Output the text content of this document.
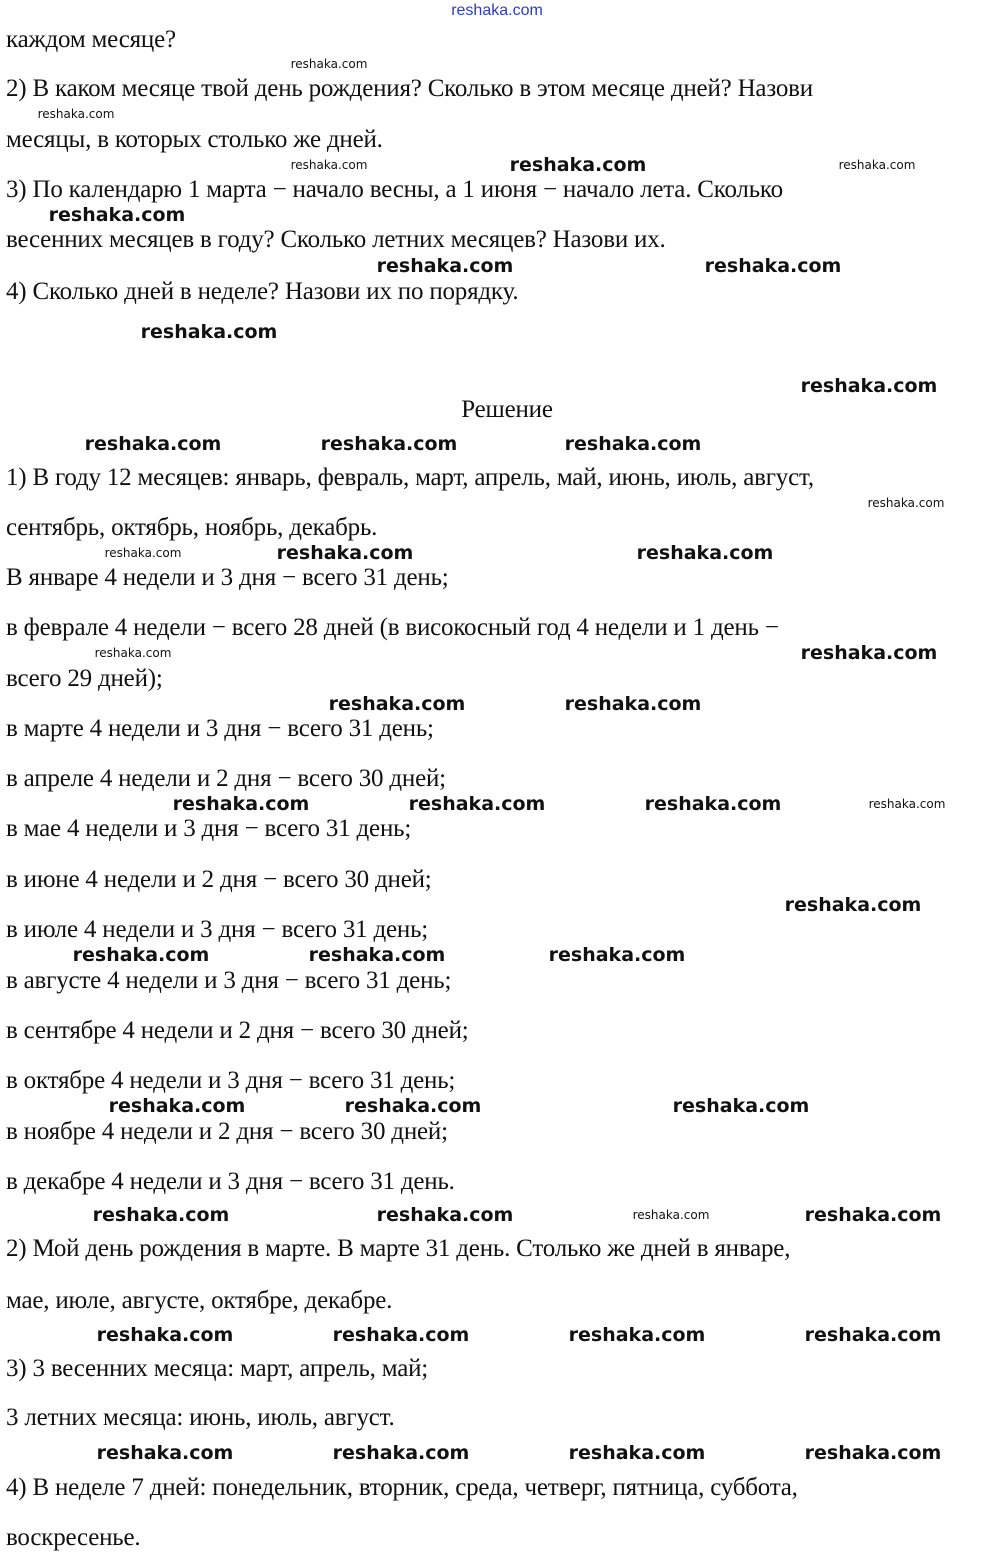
reshaka.com
каждом месяце?
2) В каком месяце твой день рождения? Сколько в этом месяце дней? Назови
месяцы, в которых столько же дней.
3) По календарю 1 марта − начало весны, а 1 июня − начало лета. Сколько
весенних месяцев в году? Сколько летних месяцев? Назови их.
4) Сколько дней в неделе? Назови их по порядку.
1) В году 12 месяцев: январь, февраль, март, апрель, май, июнь, июль, август,
сентябрь, октябрь, ноябрь, декабрь.
В январе 4 недели и 3 дня − всего 31 день;
в феврале 4 недели − всего 28 дней (в високосный год 4 недели и 1 день −
всего 29 дней);
в марте 4 недели и 3 дня − всего 31 день;
в апреле 4 недели и 2 дня − всего 30 дней;
в мае 4 недели и 3 дня − всего 31 день;
в июне 4 недели и 2 дня − всего 30 дней;
в июле 4 недели и 3 дня − всего 31 день;
в августе 4 недели и 3 дня − всего 31 день;
в сентябре 4 недели и 2 дня − всего 30 дней;
в октябре 4 недели и 3 дня − всего 31 день;
в ноябре 4 недели и 2 дня − всего 30 дней;
в декабре 4 недели и 3 дня − всего 31 день.
2) Мой день рождения в марте. В марте 31 день. Столько же дней в январе,
мае, июле, августе, октябре, декабре.
3) 3 весенних месяца: март, апрель, май;
3 летних месяца: июнь, июль, август.
4) В неделе 7 дней: понедельник, вторник, среда, четверг, пятница, суббота,
воскресенье.
Решение
reshaka.com
reshaka.com
reshaka.com	reshaka.com
reshaka.com
reshaka.com
reshaka.com
reshaka.com	reshaka.com
reshaka.com
reshaka.com
reshaka.com
reshaka.com	reshaka.com
reshaka.com	reshaka.com	reshaka.com
reshaka.com
reshaka.com
reshaka.com	reshaka.com
reshaka.com
reshaka.com
reshaka.com
reshaka.com
reshaka.com	reshaka.com
reshaka.com
reshaka.com	reshaka.com
reshaka.com
reshaka.com
reshaka.com	reshaka.com
reshaka.com
reshaka.com
reshaka.com
reshaka.com	reshaka.com
reshaka.com
reshaka.com
reshaka.com
reshaka.com
reshaka.com
